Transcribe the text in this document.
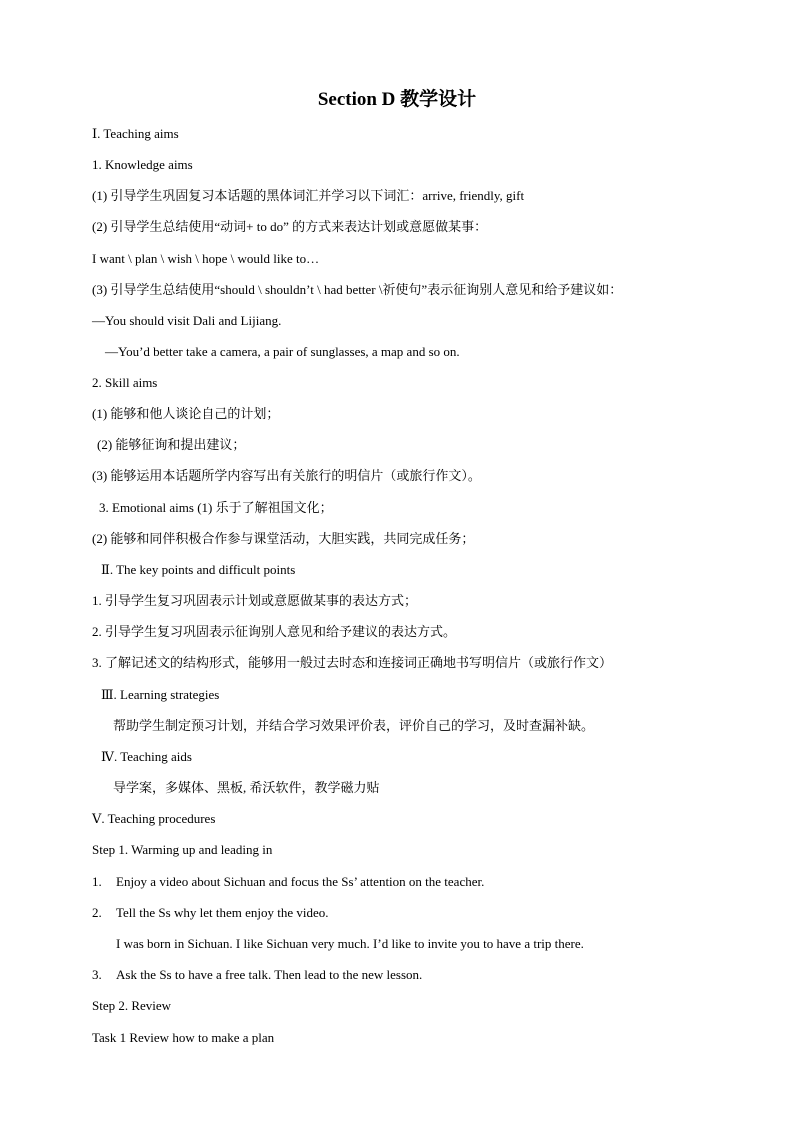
Section D 教学设计
Ⅰ. Teaching aims
1. Knowledge aims
(1) 引导学生巩固复习本话题的黑体词汇并学习以下词汇：arrive, friendly, gift
(2) 引导学生总结使用“动词+ to do” 的方式来表达计划或意愿做某事：
I want \ plan \ wish \ hope \ would like to…
(3) 引导学生总结使用“should \ shouldn’t \ had better \祈使句”表示征询别人意见和给予建议如：
—You should visit Dali and Lijiang.
—You’d better take a camera, a pair of sunglasses, a map and so on.
2. Skill aims
(1) 能够和他人谈论自己的计划；
(2) 能够征询和提出建议；
(3) 能够运用本话题所学内容写出有关旅行的明信片（或旅行作文）。
3. Emotional aims (1) 乐于了解祖国文化；
(2) 能够和同伴积极合作参与课堂活动，大胆实践，共同完成任务；
Ⅱ. The key points and difficult points
1. 引导学生复习巩固表示计划或意愿做某事的表达方式；
2. 引导学生复习巩固表示征询别人意见和给予建议的表达方式。
3. 了解记述文的结构形式，能够用一般过去时态和连接词正确地书写明信片（或旅行作文）
Ⅲ. Learning strategies
帮助学生制定预习计划，并结合学习效果评价表，评价自己的学习，及时查漏补缺。
Ⅳ. Teaching aids
导学案，多媒体、黑板, 希沃软件，教学磁力贴
Ⅴ. Teaching procedures
Step 1. Warming up and leading in
1. Enjoy a video about Sichuan and focus the Ss’ attention on the teacher.
2. Tell the Ss why let them enjoy the video.
I was born in Sichuan. I like Sichuan very much. I’d like to invite you to have a trip there.
3. Ask the Ss to have a free talk. Then lead to the new lesson.
Step 2. Review
Task 1 Review how to make a plan
